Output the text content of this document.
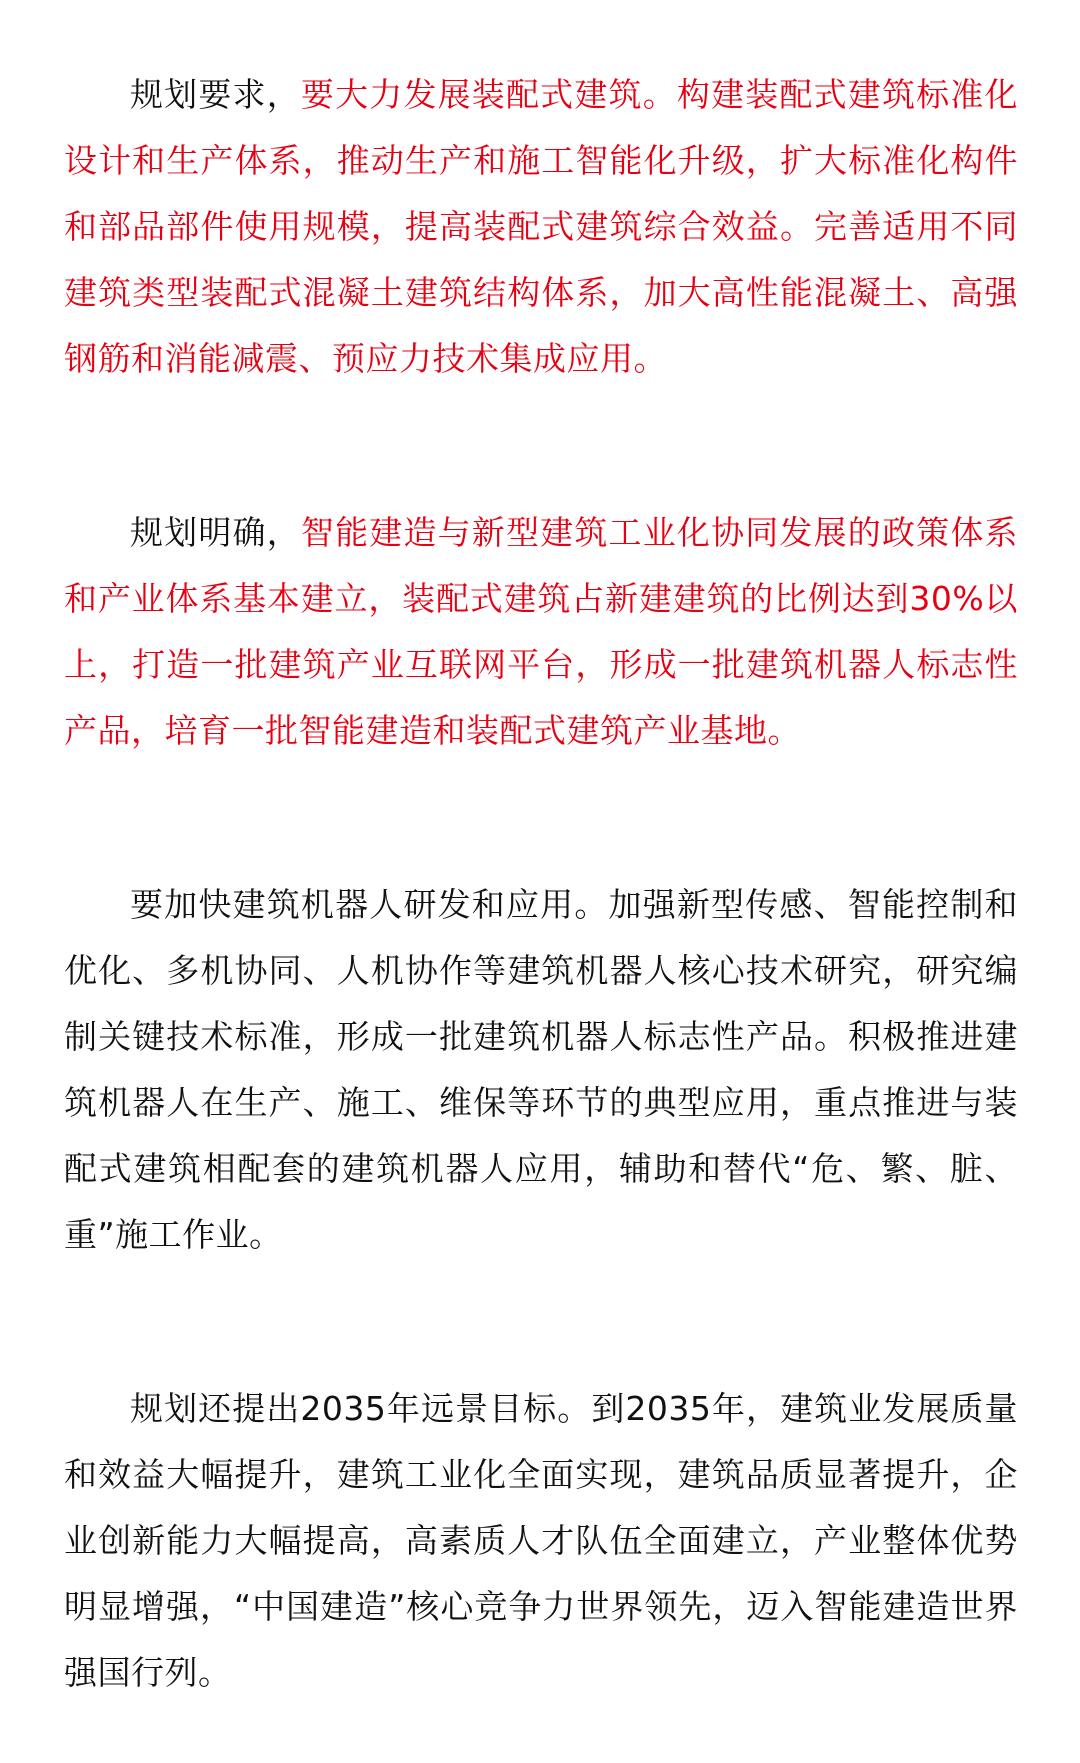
规划要求，要大力发展装配式建筑。构建装配式建筑标准化设计和生产体系，推动生产和施工智能化升级，扩大标准化构件和部品部件使用规模，提高装配式建筑综合效益。完善适用不同建筑类型装配式混凝土建筑结构体系，加大高性能混凝土、高强钢筋和消能减震、预应力技术集成应用。

规划明确，智能建造与新型建筑工业化协同发展的政策体系和产业体系基本建立，装配式建筑占新建建筑的比例达到30%以上，打造一批建筑产业互联网平台，形成一批建筑机器人标志性产品，培育一批智能建造和装配式建筑产业基地。

要加快建筑机器人研发和应用。加强新型传感、智能控制和优化、多机协同、人机协作等建筑机器人核心技术研究，研究编制关键技术标准，形成一批建筑机器人标志性产品。积极推进建筑机器人在生产、施工、维保等环节的典型应用，重点推进与装配式建筑相配套的建筑机器人应用，辅助和替代“危、繁、脏、重”施工作业。

规划还提出2035年远景目标。到2035年，建筑业发展质量和效益大幅提升，建筑工业化全面实现，建筑品质显著提升，企业创新能力大幅提高，高素质人才队伍全面建立，产业整体优势明显增强，“中国建造”核心竞争力世界领先，迈入智能建造世界强国行列。
